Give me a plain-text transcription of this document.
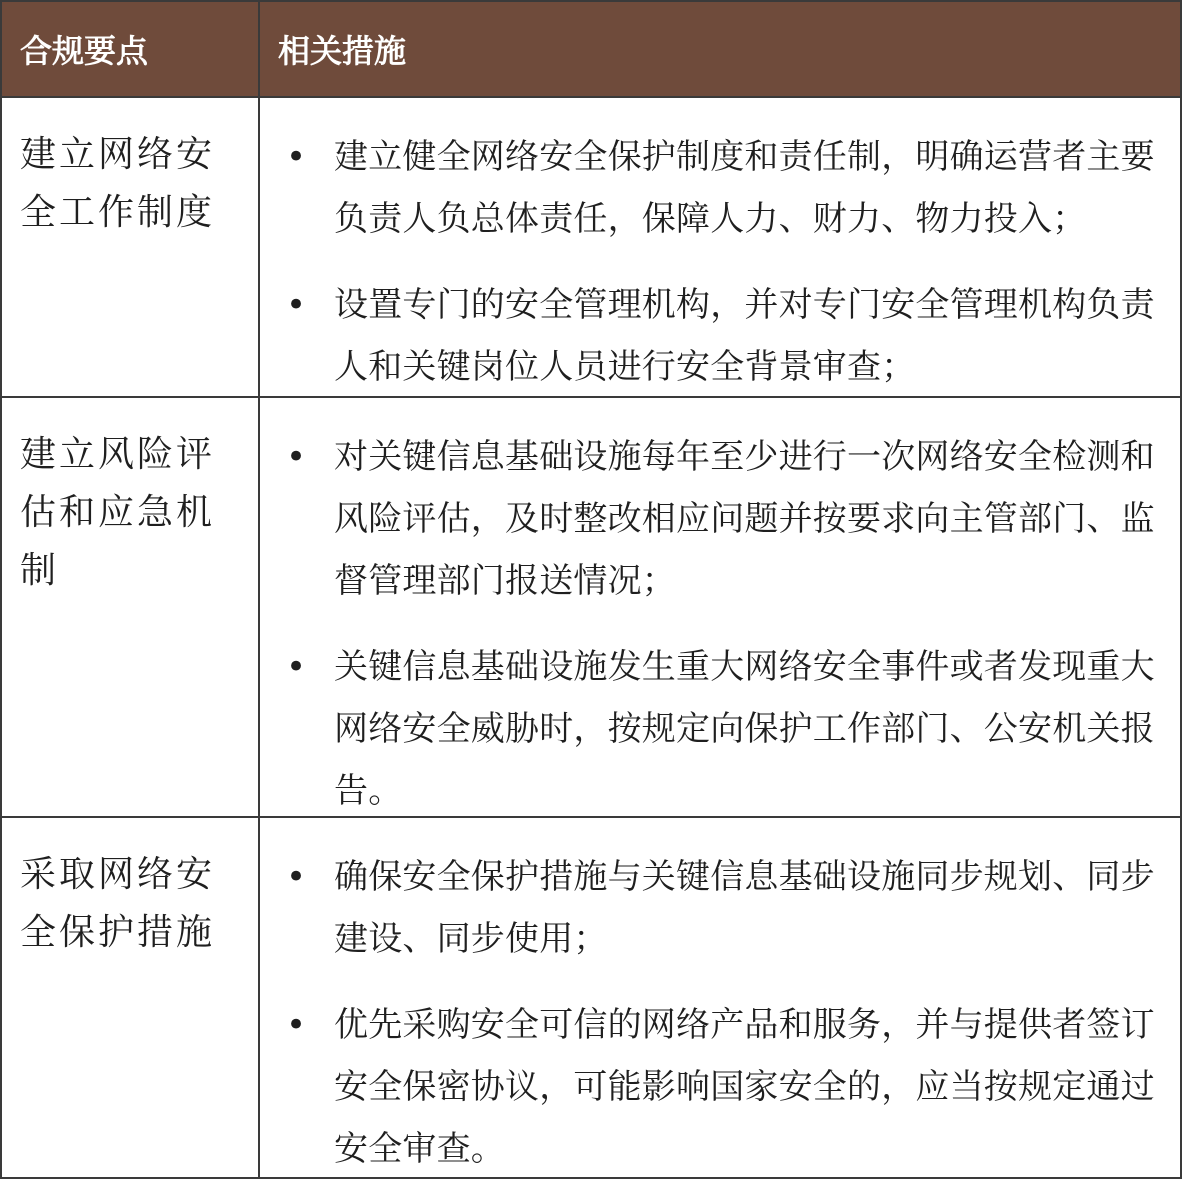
合规要点	相关措施
建立网络安全工作制度
• 建立健全网络安全保护制度和责任制，明确运营者主要负责人负总体责任，保障人力、财力、物力投入；
• 设置专门的安全管理机构，并对专门安全管理机构负责人和关键岗位人员进行安全背景审查；
建立风险评估和应急机制
• 对关键信息基础设施每年至少进行一次网络安全检测和风险评估，及时整改相应问题并按要求向主管部门、监督管理部门报送情况；
• 关键信息基础设施发生重大网络安全事件或者发现重大网络安全威胁时，按规定向保护工作部门、公安机关报告。
采取网络安全保护措施
• 确保安全保护措施与关键信息基础设施同步规划、同步建设、同步使用；
• 优先采购安全可信的网络产品和服务，并与提供者签订安全保密协议，可能影响国家安全的，应当按规定通过安全审查。
